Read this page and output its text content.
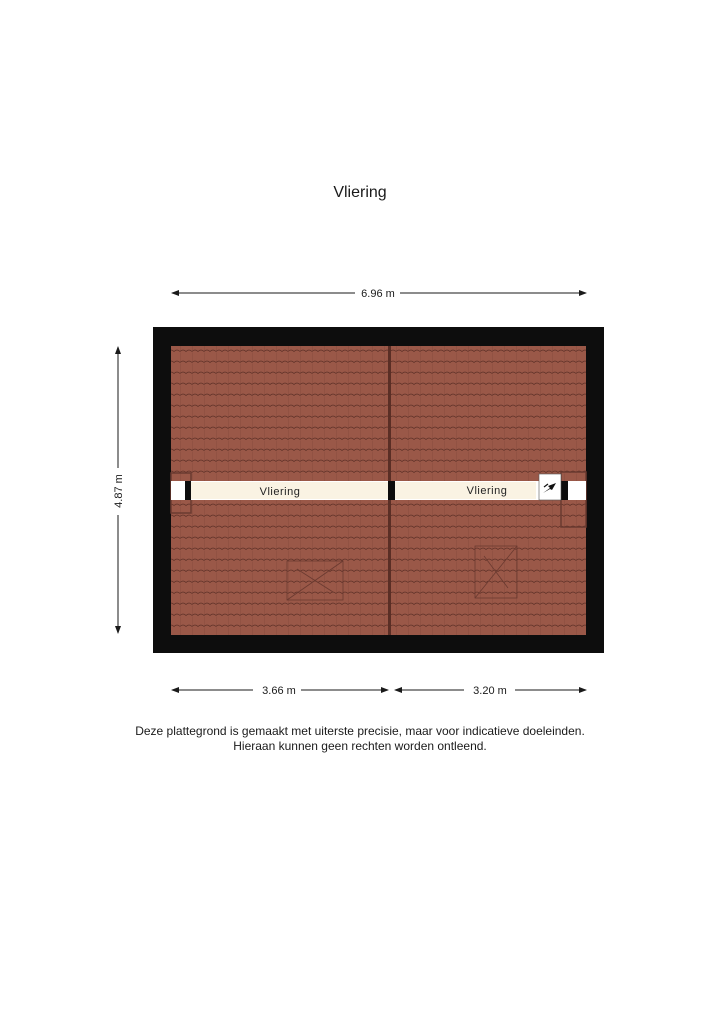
Vliering
6.96 m
4.87 m	Vliering	Vliering
3.66 m	3.20 m
Deze plattegrond is gemaakt met uiterste precisie, maar voor indicatieve doeleinden.
Hieraan kunnen geen rechten worden ontleend.
